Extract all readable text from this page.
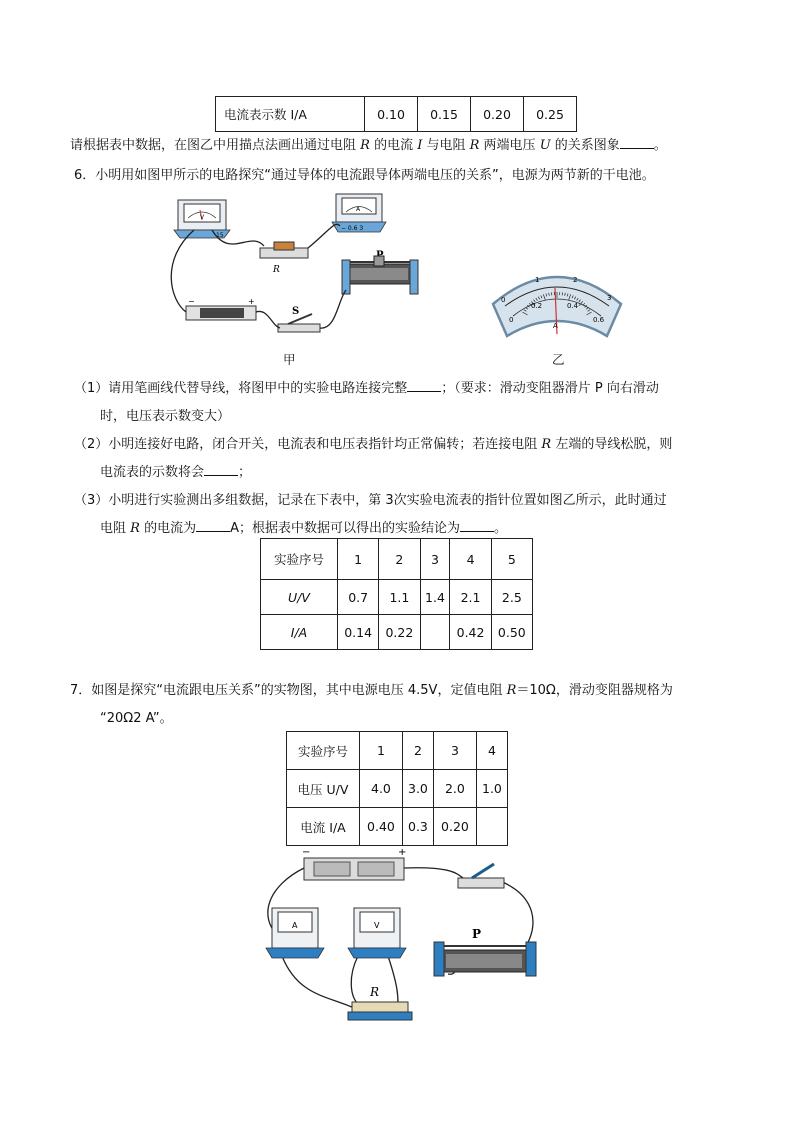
电流表示数 I/A	0.10	0.15	0.20	0.25
请根据表中数据，在图乙中用描点法画出通过电阻 R 的电流 I 与电阻 R 两端电压 U 的关系图象	。
6．小明用如图甲所示的电路探究“通过导体的电流跟导体两端电压的关系”，电源为两节新的干电池。
V
15
A
− 0.6 3
R
−	+
S
甲
0
1	2
3
0
0.2	0.4
0.6
A
乙
（1）请用笔画线代替导线，将图甲中的实验电路连接完整	；（要求：滑动变阻器滑片 P 向右滑动
时，电压表示数变大）
（2）小明连接好电路，闭合开关，电流表和电压表指针均正常偏转；若连接电阻 R 左端的导线松脱，则
电流表的示数将会	；
（3）小明进行实验测出多组数据，记录在下表中，第 3次实验电流表的指针位置如图乙所示，此时通过
电阻 R 的电流为	A；根据表中数据可以得出的实验结论为	。
实验序号	1	2	3	4	5
U/V	0.7	1.1	1.4	2.1	2.5
I/A	0.14	0.22		0.42	0.50
7．如图是探究“电流跟电压关系”的实物图，其中电源电压 4.5V，定值电阻 R＝10Ω，滑动变阻器规格为
“20Ω2 A”。
实验序号	1	2	3	4
电压 U/V	4.0	3.0	2.0	1.0
电流 I/A	0.40	0.3	0.20	
−	+
A	V
P
R
